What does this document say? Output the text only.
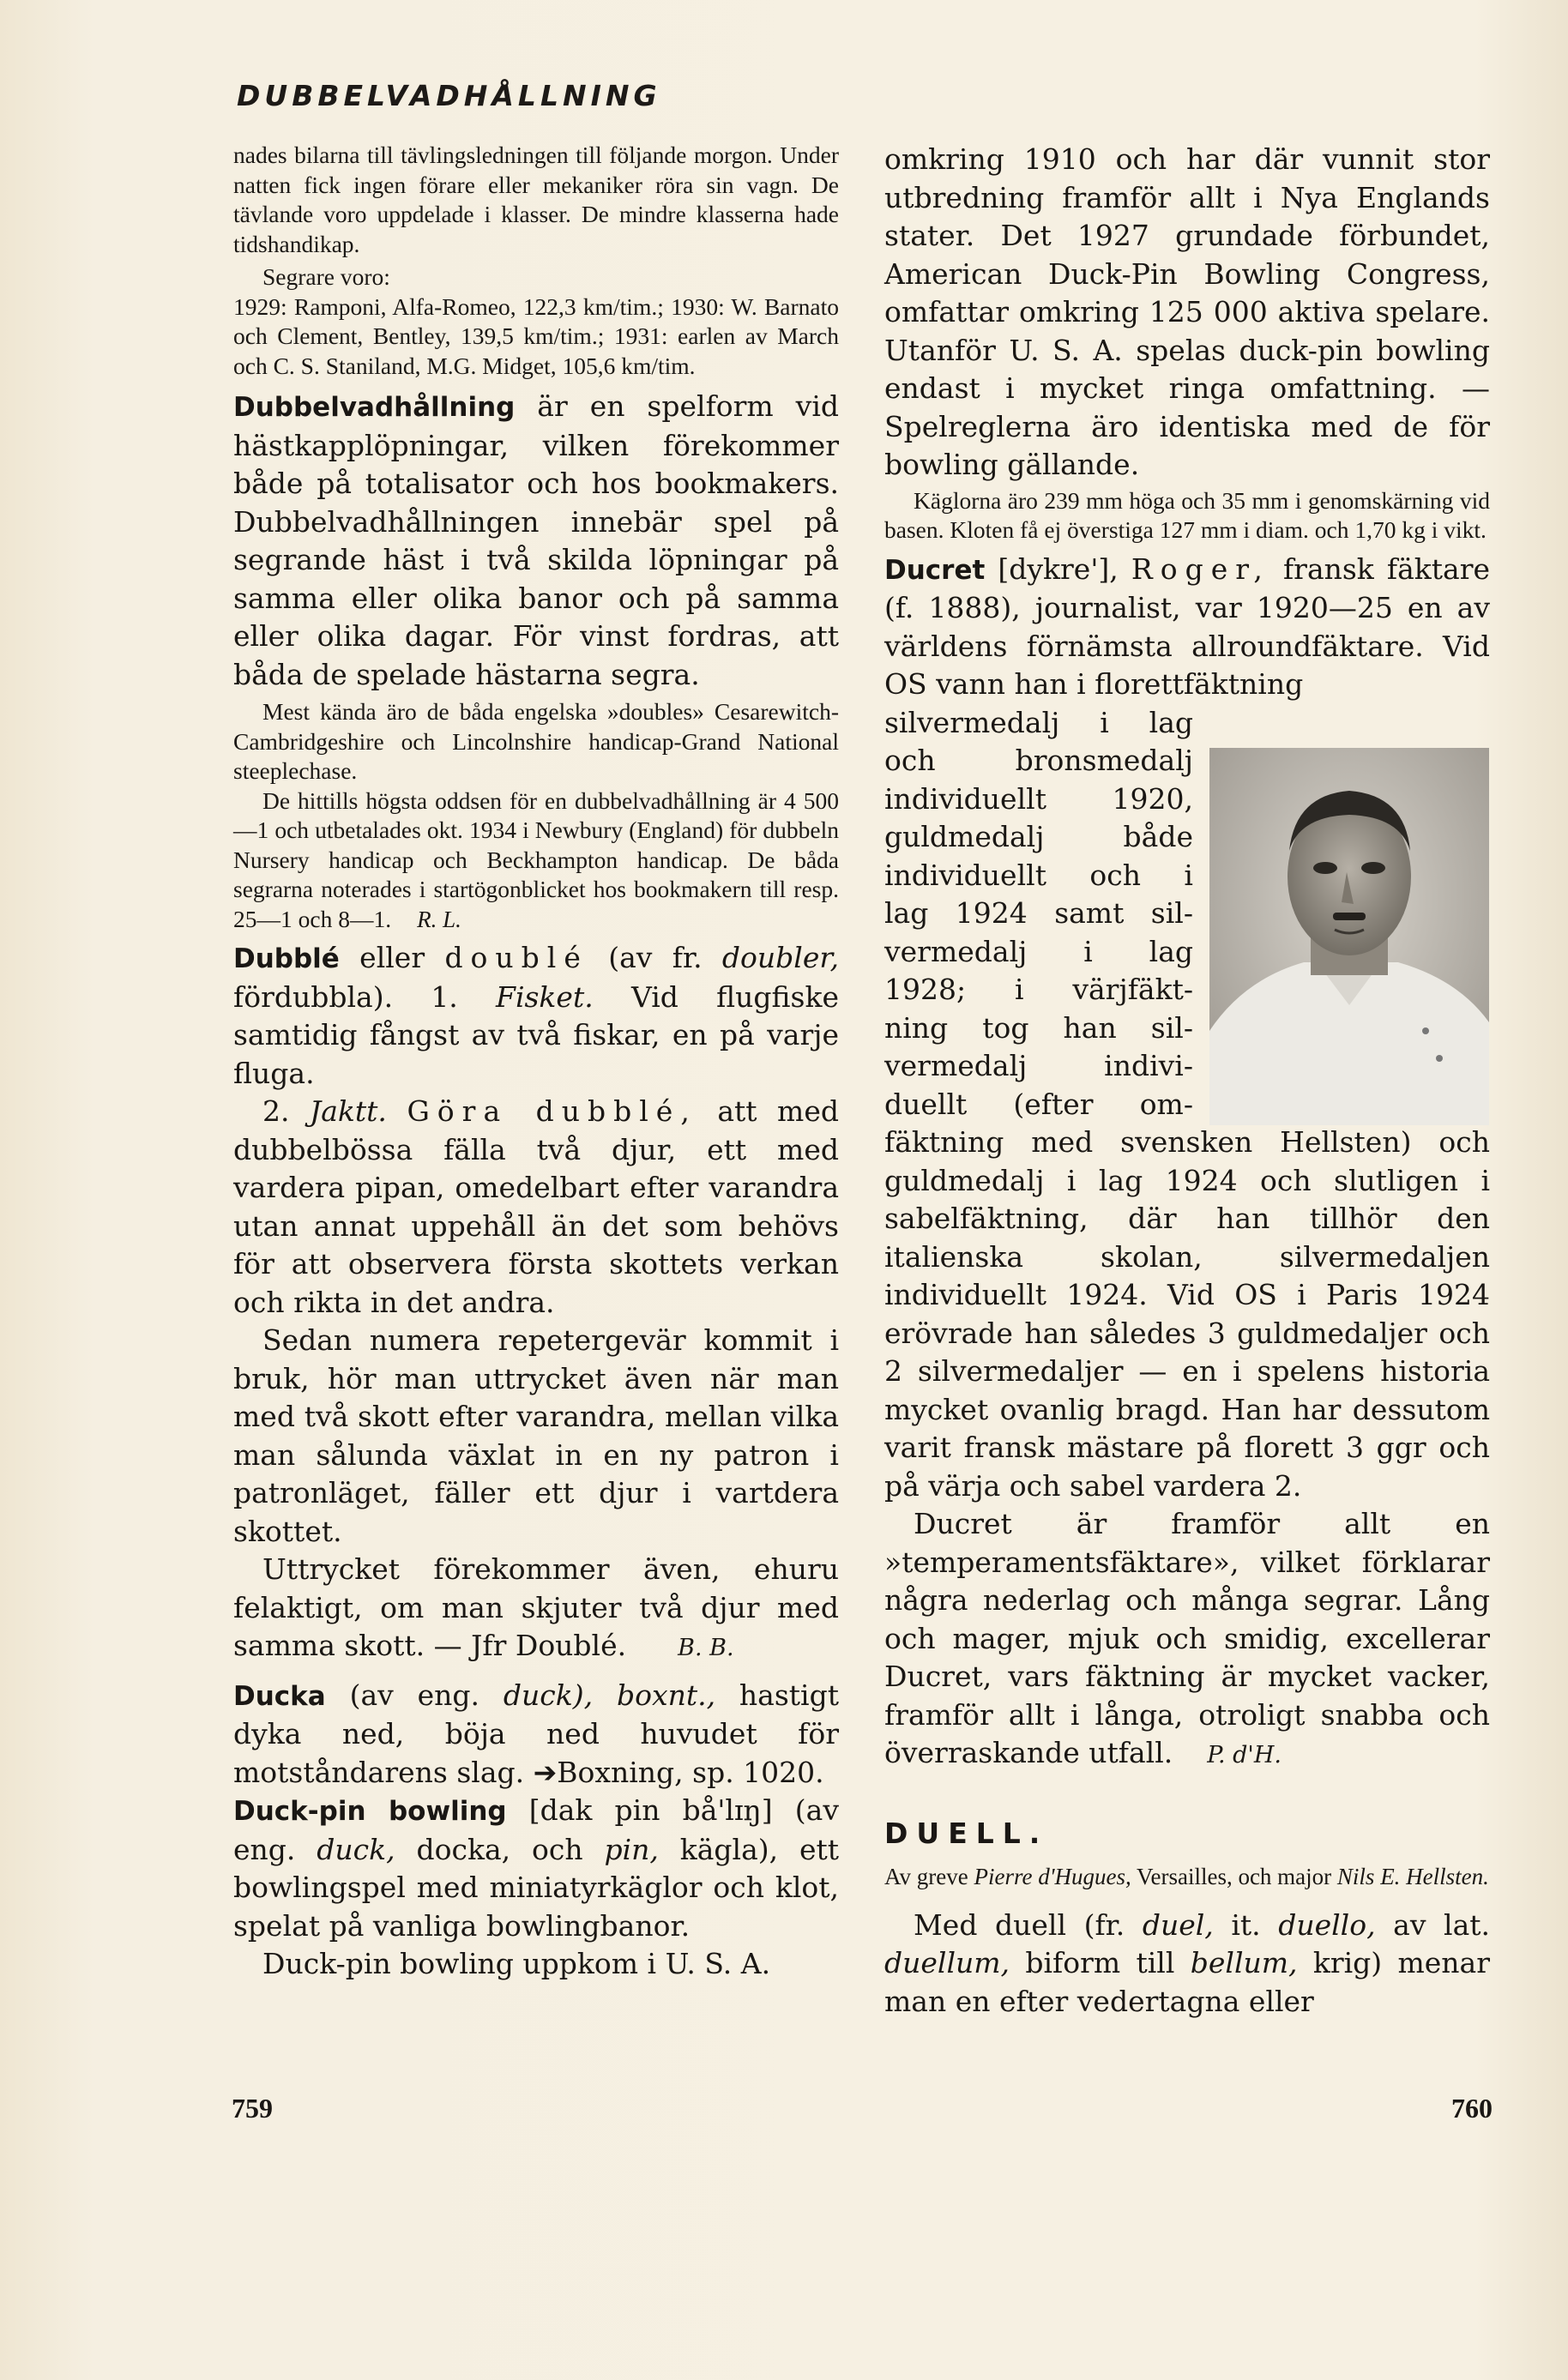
DUBBELVADHÅLLNING

nades bilarna till tävlingsledningen till följande morgon. Under natten fick ingen förare eller mekaniker röra sin vagn. De tävlande voro uppdelade i klasser. De mindre klasserna hade tidshandikap.

Segrare voro:

1929: Ramponi, Alfa-Romeo, 122,3 km/tim.; 1930: W. Barnato och Clement, Bentley, 139,5 km/tim.; 1931: earlen av March och C. S. Staniland, M.G. Midget, 105,6 km/tim.

Dubbelvadhållning är en spelform vid hästkapplöpningar, vilken förekommer både på totalisator och hos bookmakers. Dubbelvadhållningen innebär spel på segrande häst i två skilda löpningar på samma eller olika banor och på samma eller olika dagar. För vinst fordras, att båda de spelade hästarna segra.

Mest kända äro de båda engelska »doubles» Cesarewitch-Cambridgeshire och Lincolnshire handicap-Grand National steeplechase.

De hittills högsta oddsen för en dubbelvadhållning är 4 500—1 och utbetalades okt. 1934 i Newbury (England) för dubbeln Nursery handicap och Beckhampton handicap. De båda segrarna noterades i startögonblicket hos bookmakern till resp. 25—1 och 8—1. R. L.

Dubblé eller doublé (av fr. doubler, fördubbla). 1. Fisket. Vid flugfiske samtidig fångst av två fiskar, en på varje fluga.

2. Jaktt. Göra dubblé, att med dubbelbössa fälla två djur, ett med vardera pipan, omedelbart efter varandra utan annat uppehåll än det som behövs för att observera första skottets verkan och rikta in det andra.

Sedan numera repetergevär kommit i bruk, hör man uttrycket även när man med två skott efter varandra, mellan vilka man sålunda växlat in en ny patron i patronläget, fäller ett djur i vartdera skottet.

Uttrycket förekommer även, ehuru felaktigt, om man skjuter två djur med samma skott. — Jfr Doublé. B. B.

Ducka (av eng. duck), boxnt., hastigt dyka ned, böja ned huvudet för motståndarens slag. ➔Boxning, sp. 1020.

Duck-pin bowling [dak pin bå'lɪŋ] (av eng. duck, docka, och pin, kägla), ett bowlingspel med miniatyrkäglor och klot, spelat på vanliga bowlingbanor.

Duck-pin bowling uppkom i U. S. A.

omkring 1910 och har där vunnit stor utbredning framför allt i Nya Englands stater. Det 1927 grundade förbundet, American Duck-Pin Bowling Congress, omfattar omkring 125 000 aktiva spelare. Utanför U. S. A. spelas duck-pin bowling endast i mycket ringa omfattning. — Spelreglerna äro identiska med de för bowling gällande.

Käglorna äro 239 mm höga och 35 mm i genomskärning vid basen. Kloten få ej överstiga 127 mm i diam. och 1,70 kg i vikt.

Ducret [dykre'], Roger, fransk fäktare (f. 1888), journalist, var 1920—25 en av världens förnämsta allroundfäktare. Vid OS vann han i florettfäktning

silvermedalj i lag
och bronsmedalj
individuellt 1920,
guldmedalj både
individuellt och i
lag 1924 samt sil-
vermedalj i lag
1928; i värjfäkt-
ning tog han sil-
vermedalj indivi-
duellt (efter om-

fäktning med svensken Hellsten) och guldmedalj i lag 1924 och slutligen i sabelfäktning, där han tillhör den italienska skolan, silvermedaljen individuellt 1924. Vid OS i Paris 1924 erövrade han således 3 guldmedaljer och 2 silvermedaljer — en i spelens historia mycket ovanlig bragd. Han har dessutom varit fransk mästare på florett 3 ggr och på värja och sabel vardera 2.

Ducret är framför allt en »temperamentsfäktare», vilket förklarar några nederlag och många segrar. Lång och mager, mjuk och smidig, excellerar Ducret, vars fäktning är mycket vacker, framför allt i långa, otroligt snabba och överraskande utfall. P. d'H.

DUELL.

Av greve Pierre d'Hugues, Versailles, och major Nils E. Hellsten.

Med duell (fr. duel, it. duello, av lat. duellum, biform till bellum, krig) menar man en efter vedertagna eller

759	760
